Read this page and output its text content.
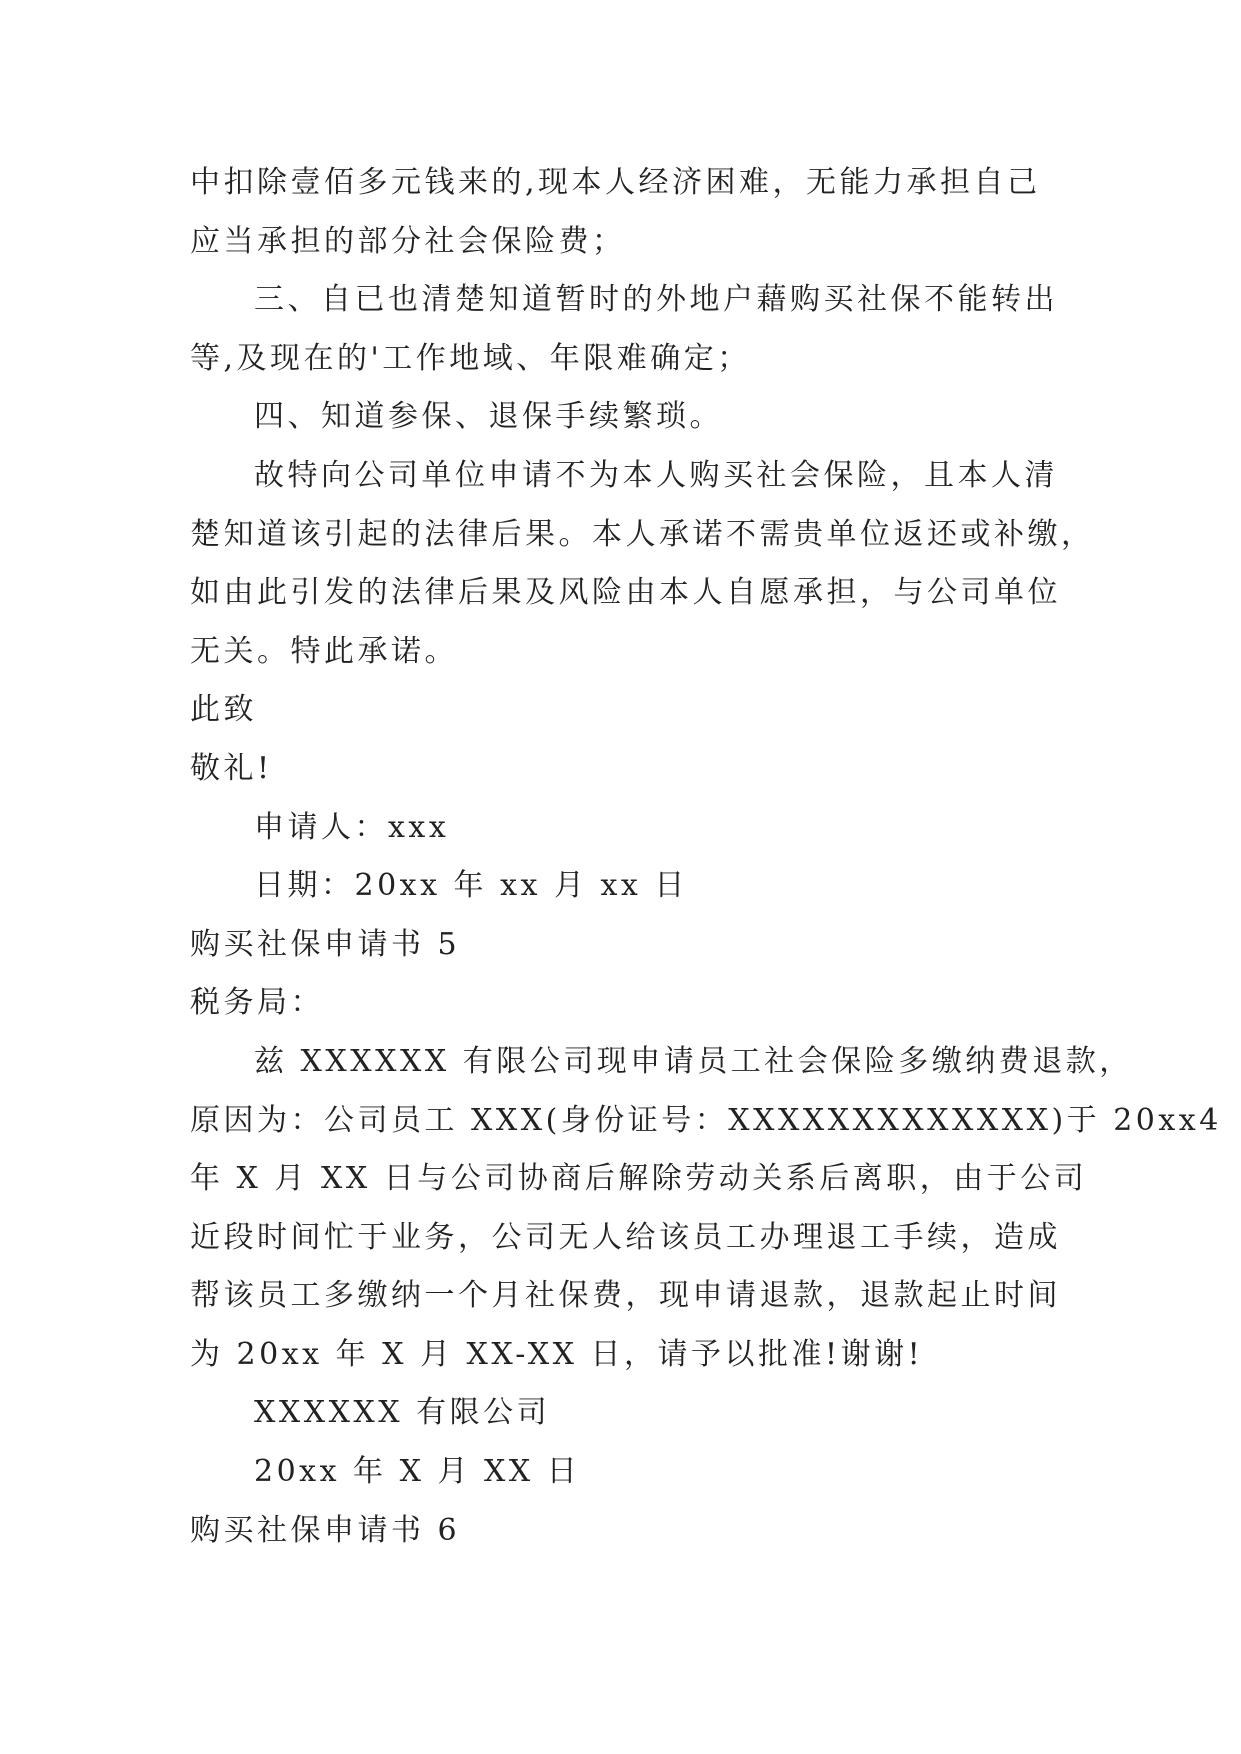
中扣除壹佰多元钱来的,现本人经济困难，无能力承担自己
应当承担的部分社会保险费；
三、自已也清楚知道暂时的外地户藉购买社保不能转出
等,及现在的'工作地域、年限难确定；
四、知道参保、退保手续繁琐。
故特向公司单位申请不为本人购买社会保险，且本人清
楚知道该引起的法律后果。本人承诺不需贵单位返还或补缴，
如由此引发的法律后果及风险由本人自愿承担，与公司单位
无关。特此承诺。
此致
敬礼!
申请人：xxx
日期：20xx 年 xx 月 xx 日
购买社保申请书 5
税务局：
兹 XXXXXX 有限公司现申请员工社会保险多缴纳费退款，
原因为：公司员工 XXX(身份证号：XXXXXXXXXXXXX)于 20xx4
年 X 月 XX 日与公司协商后解除劳动关系后离职，由于公司
近段时间忙于业务，公司无人给该员工办理退工手续，造成
帮该员工多缴纳一个月社保费，现申请退款，退款起止时间
为 20xx 年 X 月 XX-XX 日，请予以批准!谢谢!
XXXXXX 有限公司
20xx 年 X 月 XX 日
购买社保申请书 6
